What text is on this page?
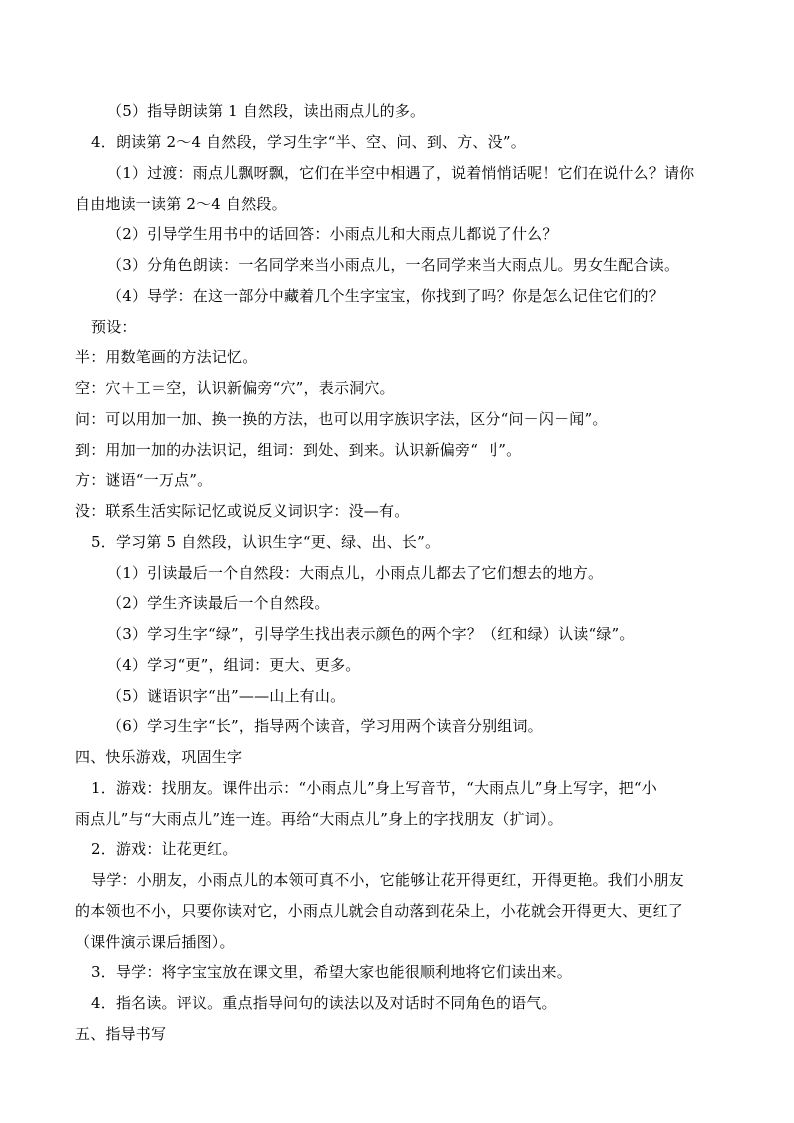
（5）指导朗读第 1 自然段，读出雨点儿的多。
4．朗读第 2～4 自然段，学习生字“半、空、问、到、方、没”。
（1）过渡：雨点儿飘呀飘，它们在半空中相遇了，说着悄悄话呢！它们在说什么？请你
自由地读一读第 2～4 自然段。
（2）引导学生用书中的话回答：小雨点儿和大雨点儿都说了什么？
（3）分角色朗读：一名同学来当小雨点儿，一名同学来当大雨点儿。男女生配合读。
（4）导学：在这一部分中藏着几个生字宝宝，你找到了吗？你是怎么记住它们的？
预设：
半：用数笔画的方法记忆。
空：穴＋工＝空，认识新偏旁“穴”，表示洞穴。
问：可以用加一加、换一换的方法，也可以用字族识字法，区分“问－闪－闻”。
到：用加一加的办法识记，组词：到处、到来。认识新偏旁“ 刂”。
方：谜语“一万点”。
没：联系生活实际记忆或说反义词识字：没—有。
5．学习第 5 自然段，认识生字“更、绿、出、长”。
（1）引读最后一个自然段：大雨点儿，小雨点儿都去了它们想去的地方。
（2）学生齐读最后一个自然段。
（3）学习生字“绿”，引导学生找出表示颜色的两个字？（红和绿）认读“绿”。
（4）学习“更”，组词：更大、更多。
（5）谜语识字“出”——山上有山。
（6）学习生字“长”，指导两个读音，学习用两个读音分别组词。
四、快乐游戏，巩固生字
1．游戏：找朋友。课件出示：“小雨点儿”身上写音节，“大雨点儿”身上写字，把“小
雨点儿”与“大雨点儿”连一连。再给“大雨点儿”身上的字找朋友（扩词）。
2．游戏：让花更红。
导学：小朋友，小雨点儿的本领可真不小，它能够让花开得更红，开得更艳。我们小朋友
的本领也不小，只要你读对它，小雨点儿就会自动落到花朵上，小花就会开得更大、更红了
（课件演示课后插图）。
3．导学：将字宝宝放在课文里，希望大家也能很顺利地将它们读出来。
4．指名读。评议。重点指导问句的读法以及对话时不同角色的语气。
五、指导书写
